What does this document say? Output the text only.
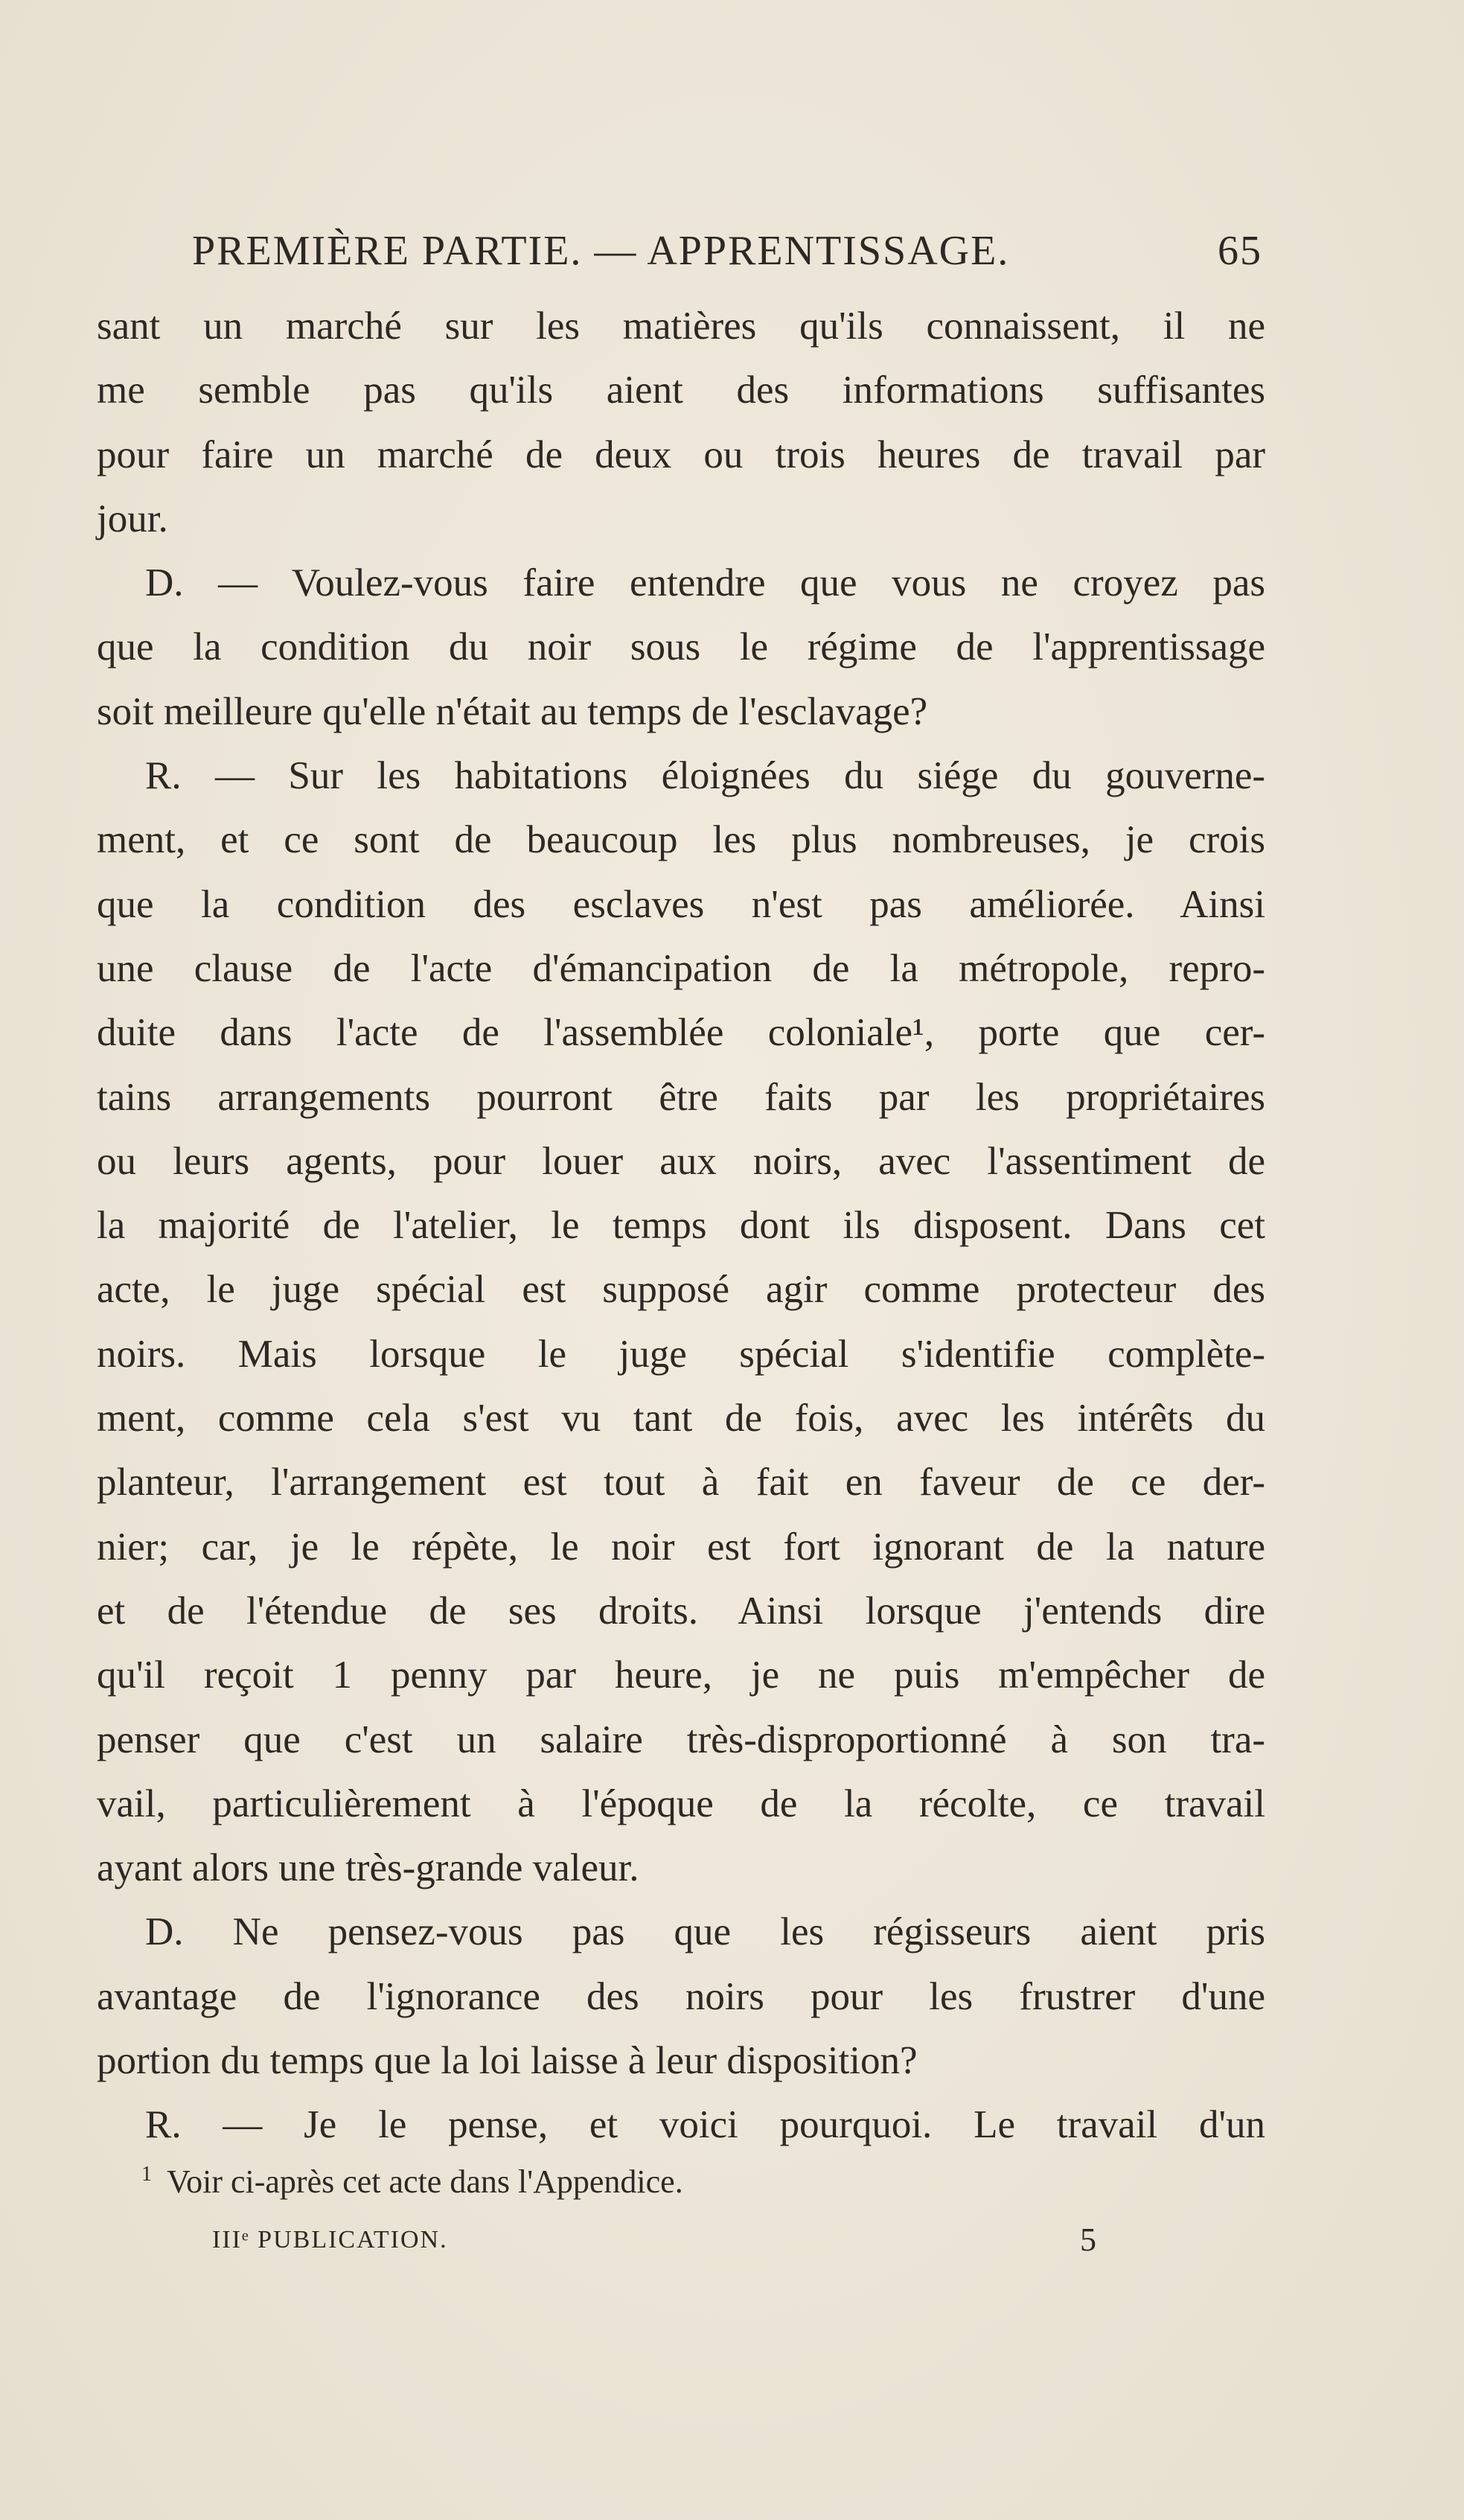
PREMIÈRE PARTIE. — APPRENTISSAGE.	65
sant un marché sur les matières qu'ils connaissent, il ne
me semble pas qu'ils aient des informations suffisantes
pour faire un marché de deux ou trois heures de travail par
jour.
D. — Voulez-vous faire entendre que vous ne croyez pas
que la condition du noir sous le régime de l'apprentissage
soit meilleure qu'elle n'était au temps de l'esclavage?
R. — Sur les habitations éloignées du siége du gouverne-
ment, et ce sont de beaucoup les plus nombreuses, je crois
que la condition des esclaves n'est pas améliorée. Ainsi
une clause de l'acte d'émancipation de la métropole, repro-
duite dans l'acte de l'assemblée coloniale¹, porte que cer-
tains arrangements pourront être faits par les propriétaires
ou leurs agents, pour louer aux noirs, avec l'assentiment de
la majorité de l'atelier, le temps dont ils disposent. Dans cet
acte, le juge spécial est supposé agir comme protecteur des
noirs. Mais lorsque le juge spécial s'identifie complète-
ment, comme cela s'est vu tant de fois, avec les intérêts du
planteur, l'arrangement est tout à fait en faveur de ce der-
nier; car, je le répète, le noir est fort ignorant de la nature
et de l'étendue de ses droits. Ainsi lorsque j'entends dire
qu'il reçoit 1 penny par heure, je ne puis m'empêcher de
penser que c'est un salaire très-disproportionné à son tra-
vail, particulièrement à l'époque de la récolte, ce travail
ayant alors une très-grande valeur.
D. Ne pensez-vous pas que les régisseurs aient pris
avantage de l'ignorance des noirs pour les frustrer d'une
portion du temps que la loi laisse à leur disposition?
R. — Je le pense, et voici pourquoi. Le travail d'un
$^1$ Voir ci-après cet acte dans l'Appendice.
IIIᵉ PUBLICATION.	5
